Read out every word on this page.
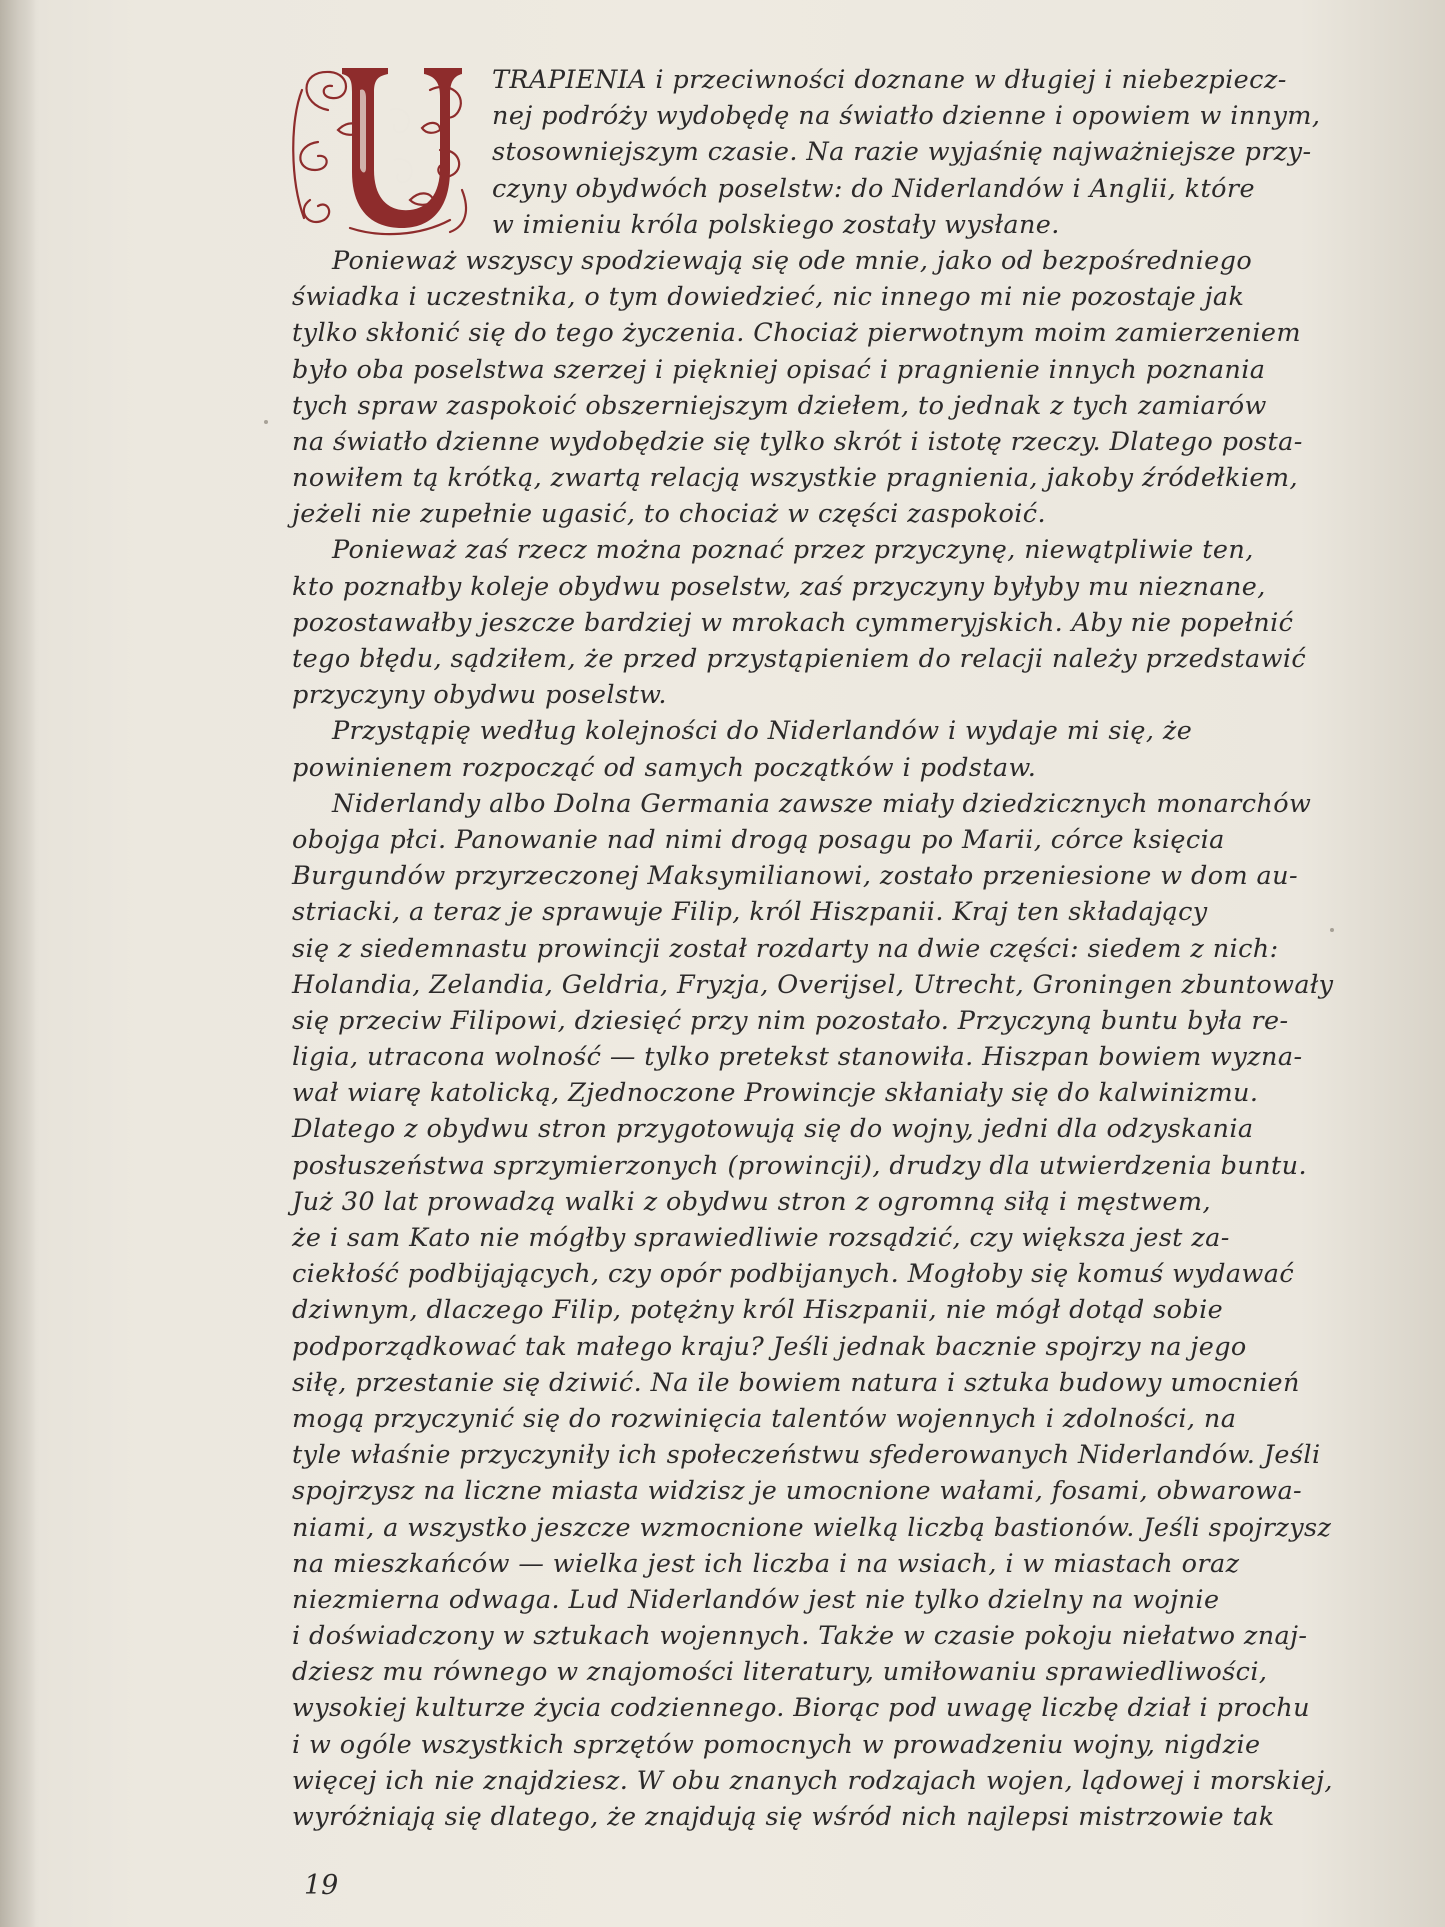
TRAPIENIA i przeciwności doznane w długiej i niebezpiecz-
nej podróży wydobędę na światło dzienne i opowiem w innym,
stosowniejszym czasie. Na razie wyjaśnię najważniejsze przy-
czyny obydwóch poselstw: do Niderlandów i Anglii, które
w imieniu króla polskiego zostały wysłane.
Ponieważ wszyscy spodziewają się ode mnie, jako od bezpośredniego
świadka i uczestnika, o tym dowiedzieć, nic innego mi nie pozostaje jak
tylko skłonić się do tego życzenia. Chociaż pierwotnym moim zamierzeniem
było oba poselstwa szerzej i piękniej opisać i pragnienie innych poznania
tych spraw zaspokoić obszerniejszym dziełem, to jednak z tych zamiarów
na światło dzienne wydobędzie się tylko skrót i istotę rzeczy. Dlatego posta-
nowiłem tą krótką, zwartą relacją wszystkie pragnienia, jakoby źródełkiem,
jeżeli nie zupełnie ugasić, to chociaż w części zaspokoić.
Ponieważ zaś rzecz można poznać przez przyczynę, niewątpliwie ten,
kto poznałby koleje obydwu poselstw, zaś przyczyny byłyby mu nieznane,
pozostawałby jeszcze bardziej w mrokach cymmeryjskich. Aby nie popełnić
tego błędu, sądziłem, że przed przystąpieniem do relacji należy przedstawić
przyczyny obydwu poselstw.
Przystąpię według kolejności do Niderlandów i wydaje mi się, że
powinienem rozpocząć od samych początków i podstaw.
Niderlandy albo Dolna Germania zawsze miały dziedzicznych monarchów
obojga płci. Panowanie nad nimi drogą posagu po Marii, córce księcia
Burgundów przyrzeczonej Maksymilianowi, zostało przeniesione w dom au-
striacki, a teraz je sprawuje Filip, król Hiszpanii. Kraj ten składający
się z siedemnastu prowincji został rozdarty na dwie części: siedem z nich:
Holandia, Zelandia, Geldria, Fryzja, Overijsel, Utrecht, Groningen zbuntowały
się przeciw Filipowi, dziesięć przy nim pozostało. Przyczyną buntu była re-
ligia, utracona wolność — tylko pretekst stanowiła. Hiszpan bowiem wyzna-
wał wiarę katolicką, Zjednoczone Prowincje skłaniały się do kalwinizmu.
Dlatego z obydwu stron przygotowują się do wojny, jedni dla odzyskania
posłuszeństwa sprzymierzonych (prowincji), drudzy dla utwierdzenia buntu.
Już 30 lat prowadzą walki z obydwu stron z ogromną siłą i męstwem,
że i sam Kato nie mógłby sprawiedliwie rozsądzić, czy większa jest za-
ciekłość podbijających, czy opór podbijanych. Mogłoby się komuś wydawać
dziwnym, dlaczego Filip, potężny król Hiszpanii, nie mógł dotąd sobie
podporządkować tak małego kraju? Jeśli jednak bacznie spojrzy na jego
siłę, przestanie się dziwić. Na ile bowiem natura i sztuka budowy umocnień
mogą przyczynić się do rozwinięcia talentów wojennych i zdolności, na
tyle właśnie przyczyniły ich społeczeństwu sfederowanych Niderlandów. Jeśli
spojrzysz na liczne miasta widzisz je umocnione wałami, fosami, obwarowa-
niami, a wszystko jeszcze wzmocnione wielką liczbą bastionów. Jeśli spojrzysz
na mieszkańców — wielka jest ich liczba i na wsiach, i w miastach oraz
niezmierna odwaga. Lud Niderlandów jest nie tylko dzielny na wojnie
i doświadczony w sztukach wojennych. Także w czasie pokoju niełatwo znaj-
dziesz mu równego w znajomości literatury, umiłowaniu sprawiedliwości,
wysokiej kulturze życia codziennego. Biorąc pod uwagę liczbę dział i prochu
i w ogóle wszystkich sprzętów pomocnych w prowadzeniu wojny, nigdzie
więcej ich nie znajdziesz. W obu znanych rodzajach wojen, lądowej i morskiej,
wyróżniają się dlatego, że znajdują się wśród nich najlepsi mistrzowie tak
19
